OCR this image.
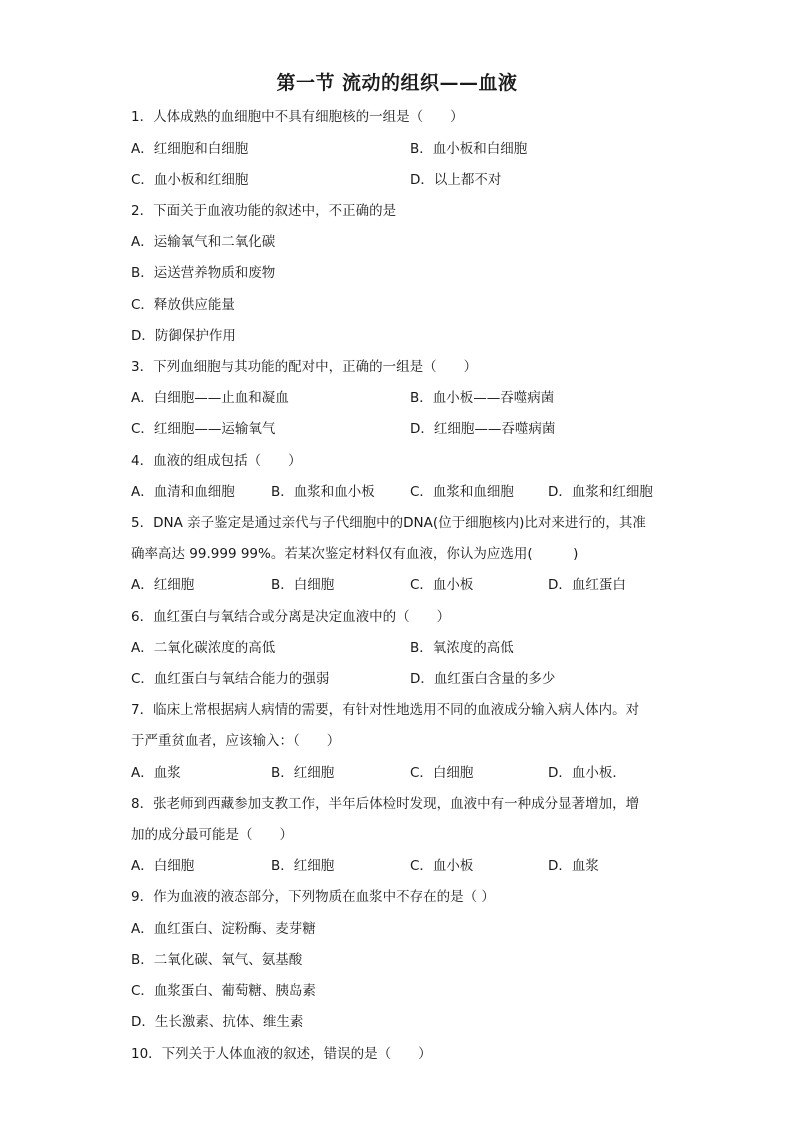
第一节 流动的组织——血液
1．人体成熟的血细胞中不具有细胞核的一组是（　　）
A．红细胞和白细胞	B．血小板和白细胞
C．血小板和红细胞	D．以上都不对
2．下面关于血液功能的叙述中，不正确的是
A．运输氧气和二氧化碳
B．运送营养物质和废物
C．释放供应能量
D．防御保护作用
3．下列血细胞与其功能的配对中，正确的一组是（　　）
A．白细胞——止血和凝血	B．血小板——吞噬病菌
C．红细胞——运输氧气	D．红细胞——吞噬病菌
4．血液的组成包括（　　）
A．血清和血细胞	B．血浆和血小板	C．血浆和血细胞	D．血浆和红细胞
5．DNA 亲子鉴定是通过亲代与子代细胞中的DNA(位于细胞核内)比对来进行的，其准
确率高达 99.999 99%。若某次鉴定材料仅有血液，你认为应选用(　　　)
A．红细胞	B．白细胞	C．血小板	D．血红蛋白
6．血红蛋白与氧结合或分离是决定血液中的（　　）
A．二氧化碳浓度的高低	B．氧浓度的高低
C．血红蛋白与氧结合能力的强弱	D．血红蛋白含量的多少
7．临床上常根据病人病情的需要，有针对性地选用不同的血液成分输入病人体内。对
于严重贫血者，应该输入：（　　）
A．血浆	B．红细胞	C．白细胞	D．血小板．
8．张老师到西藏参加支教工作，半年后体检时发现，血液中有一种成分显著增加，增
加的成分最可能是（　　）
A．白细胞	B．红细胞	C．血小板	D．血浆
9．作为血液的液态部分，下列物质在血浆中不存在的是（ ）
A．血红蛋白、淀粉酶、麦芽糖
B．二氧化碳、氧气、氨基酸
C．血浆蛋白、葡萄糖、胰岛素
D．生长激素、抗体、维生素
10．下列关于人体血液的叙述，错误的是（　　）
